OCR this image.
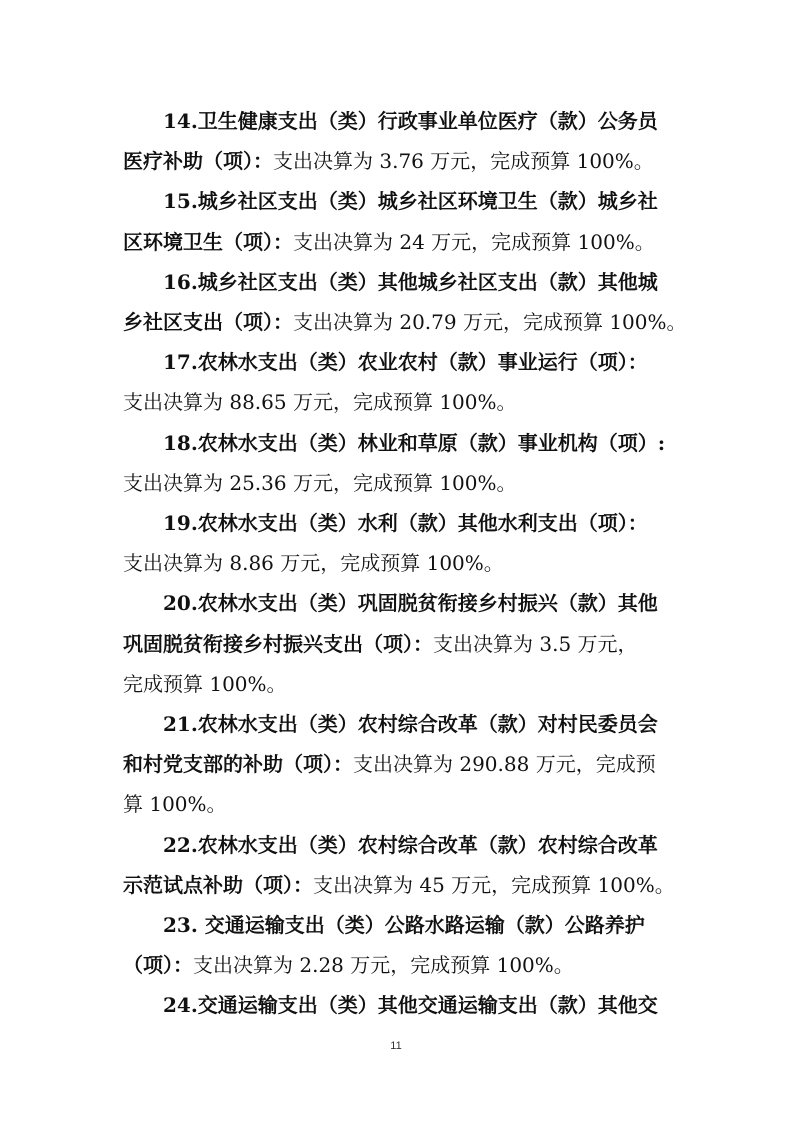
14.卫生健康支出（类）行政事业单位医疗（款）公务员
医疗补助（项）：支出决算为 3.76 万元，完成预算 100%。
15.城乡社区支出（类）城乡社区环境卫生（款）城乡社
区环境卫生（项）：支出决算为 24 万元，完成预算 100%。
16.城乡社区支出（类）其他城乡社区支出（款）其他城
乡社区支出（项）：支出决算为 20.79 万元，完成预算 100%。
17.农林水支出（类）农业农村（款）事业运行（项）：
支出决算为 88.65 万元，完成预算 100%。
18.农林水支出（类）林业和草原（款）事业机构（项）:
支出决算为 25.36 万元，完成预算 100%。
19.农林水支出（类）水利（款）其他水利支出（项）：
支出决算为 8.86 万元，完成预算 100%。
20.农林水支出（类）巩固脱贫衔接乡村振兴（款）其他
巩固脱贫衔接乡村振兴支出（项）：支出决算为 3.5 万元，
完成预算 100%。
21.农林水支出（类）农村综合改革（款）对村民委员会
和村党支部的补助（项）：支出决算为 290.88 万元，完成预
算 100%。
22.农林水支出（类）农村综合改革（款）农村综合改革
示范试点补助（项）：支出决算为 45 万元，完成预算 100%。
23. 交通运输支出（类）公路水路运输（款）公路养护
（项）：支出决算为 2.28 万元，完成预算 100%。
24.交通运输支出（类）其他交通运输支出（款）其他交
11
